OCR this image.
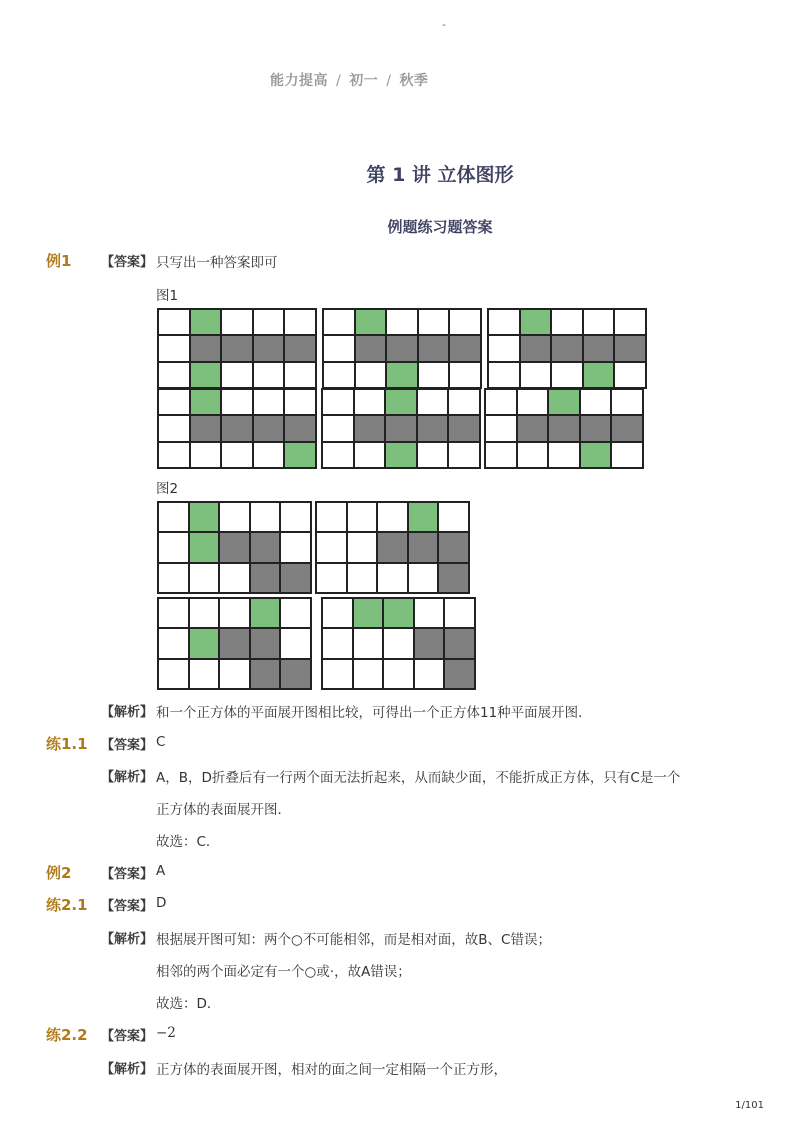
-
能力提高 / 初一 / 秋季
第 1 讲 立体图形
例题练习题答案
例1 【答案】 只写出一种答案即可
图1
图2
【解析】 和一个正方体的平面展开图相比较，可得出一个正方体11种平面展开图．
练1.1 【答案】 C
【解析】 A，B，D折叠后有一行两个面无法折起来，从而缺少面，不能折成正方体，只有C是一个
正方体的表面展开图．
故选：C．
例2 【答案】 A
练2.1 【答案】 D
【解析】 根据展开图可知：两个○不可能相邻，而是相对面，故B、C错误；
相邻的两个面必定有一个○或·，故A错误；
故选：D．
练2.2 【答案】 −2
【解析】 正方体的表面展开图，相对的面之间一定相隔一个正方形，
1/101
